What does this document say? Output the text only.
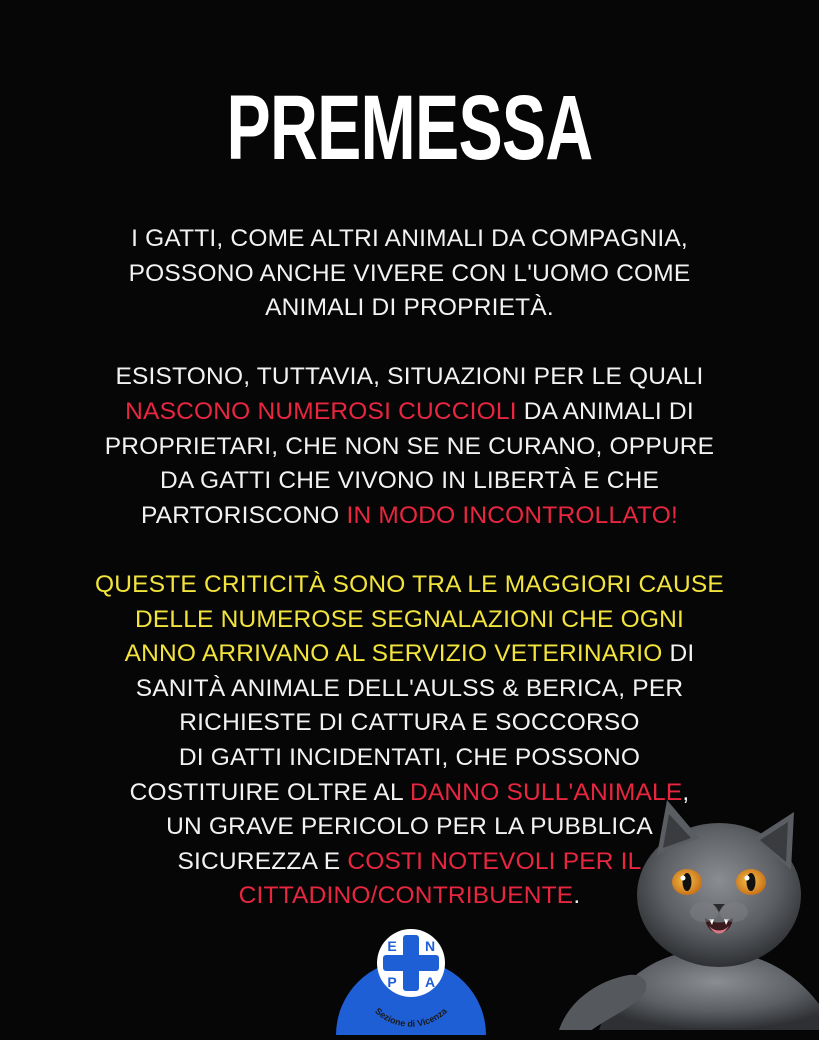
PREMESSA

I GATTI, COME ALTRI ANIMALI DA COMPAGNIA,
POSSONO ANCHE VIVERE CON L'UOMO COME
ANIMALI DI PROPRIETÀ.

ESISTONO, TUTTAVIA, SITUAZIONI PER LE QUALI
NASCONO NUMEROSI CUCCIOLI DA ANIMALI DI
PROPRIETARI, CHE NON SE NE CURANO, OPPURE
DA GATTI CHE VIVONO IN LIBERTÀ E CHE
PARTORISCONO IN MODO INCONTROLLATO!

QUESTE CRITICITÀ SONO TRA LE MAGGIORI CAUSE
DELLE NUMEROSE SEGNALAZIONI CHE OGNI
ANNO ARRIVANO AL SERVIZIO VETERINARIO DI
SANITÀ ANIMALE DELL'AULSS & BERICA, PER
RICHIESTE DI CATTURA E SOCCORSO
DI GATTI INCIDENTATI, CHE POSSONO
COSTITUIRE OLTRE AL DANNO SULL'ANIMALE,
UN GRAVE PERICOLO PER LA PUBBLICA
SICUREZZA E COSTI NOTEVOLI PER IL
CITTADINO/CONTRIBUENTE.

E N
P A
Sezione di Vicenza
